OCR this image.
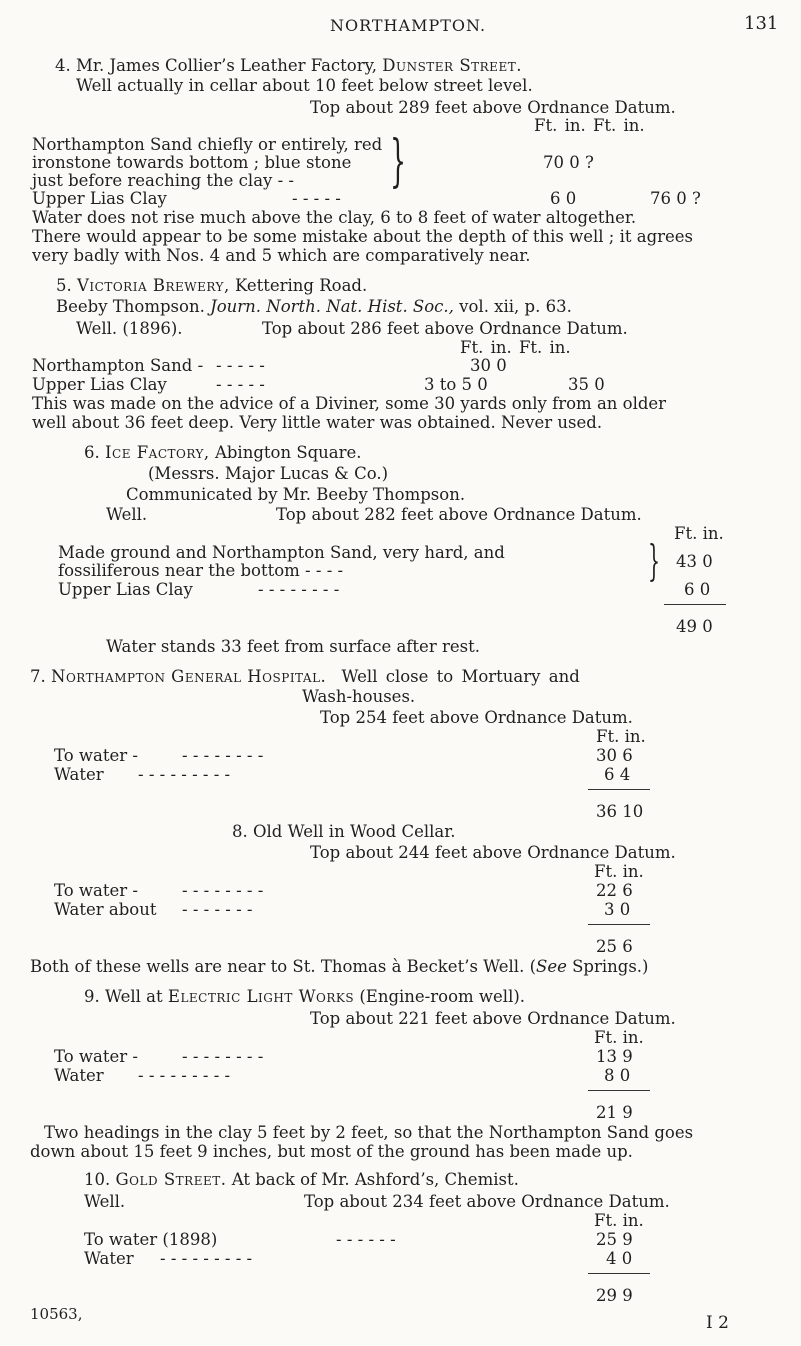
NORTHAMPTON.	131
4. Mr. James Collier’s Leather Factory, Dunster Street.
Well actually in cellar about 10 feet below street level.
Top about 289 feet above Ordnance Datum.
Ft. in. Ft. in.
Northampton Sand chiefly or entirely, red
ironstone towards bottom ; blue stone
just before reaching the clay - - }	70 0 ?
Upper Lias Clay	- - - - -	6 0	76 0 ?
Water does not rise much above the clay, 6 to 8 feet of water altogether.
There would appear to be some mistake about the depth of this well ; it agrees
very badly with Nos. 4 and 5 which are comparatively near.
5. Victoria Brewery, Kettering Road.
Beeby Thompson. Journ. North. Nat. Hist. Soc., vol. xii, p. 63.
Well. (1896).	Top about 286 feet above Ordnance Datum.
Ft. in. Ft. in.
Northampton Sand - - - - - -	30 0
Upper Lias Clay	- - - - -	3 to 5 0	35 0
This was made on the advice of a Diviner, some 30 yards only from an older
well about 36 feet deep. Very little water was obtained. Never used.
6. Ice Factory, Abington Square.
(Messrs. Major Lucas & Co.)
Communicated by Mr. Beeby Thompson.
Well.	Top about 282 feet above Ordnance Datum.
Ft. in.
Made ground and Northampton Sand, very hard, and
fossiliferous near the bottom - - - -	} 43 0
Upper Lias Clay	- - - - - - - -	6 0
49 0
Water stands 33 feet from surface after rest.
7. Northampton General Hospital. Well close to Mortuary and
Wash-houses.
Top 254 feet above Ordnance Datum.
Ft. in.
To water -	- - - - - - - -	30 6
Water - - - - - - - - -	6 4
36 10
8. Old Well in Wood Cellar.
Top about 244 feet above Ordnance Datum.
Ft. in.
To water -	- - - - - - - -	22 6
Water about - - - - - - -	3 0
25 6
Both of these wells are near to St. Thomas à Becket’s Well. (See Springs.)
9. Well at Electric Light Works (Engine-room well).
Top about 221 feet above Ordnance Datum.
Ft. in.
To water -	- - - - - - - -	13 9
Water - - - - - - - - -	8 0
21 9
Two headings in the clay 5 feet by 2 feet, so that the Northampton Sand goes
down about 15 feet 9 inches, but most of the ground has been made up.
10. Gold Street. At back of Mr. Ashford’s, Chemist.
Well.	Top about 234 feet above Ordnance Datum.
Ft. in.
To water (1898)	- - - - - -	25 9
Water - - - - - - - - -	4 0
29 9
10563,	I 2
